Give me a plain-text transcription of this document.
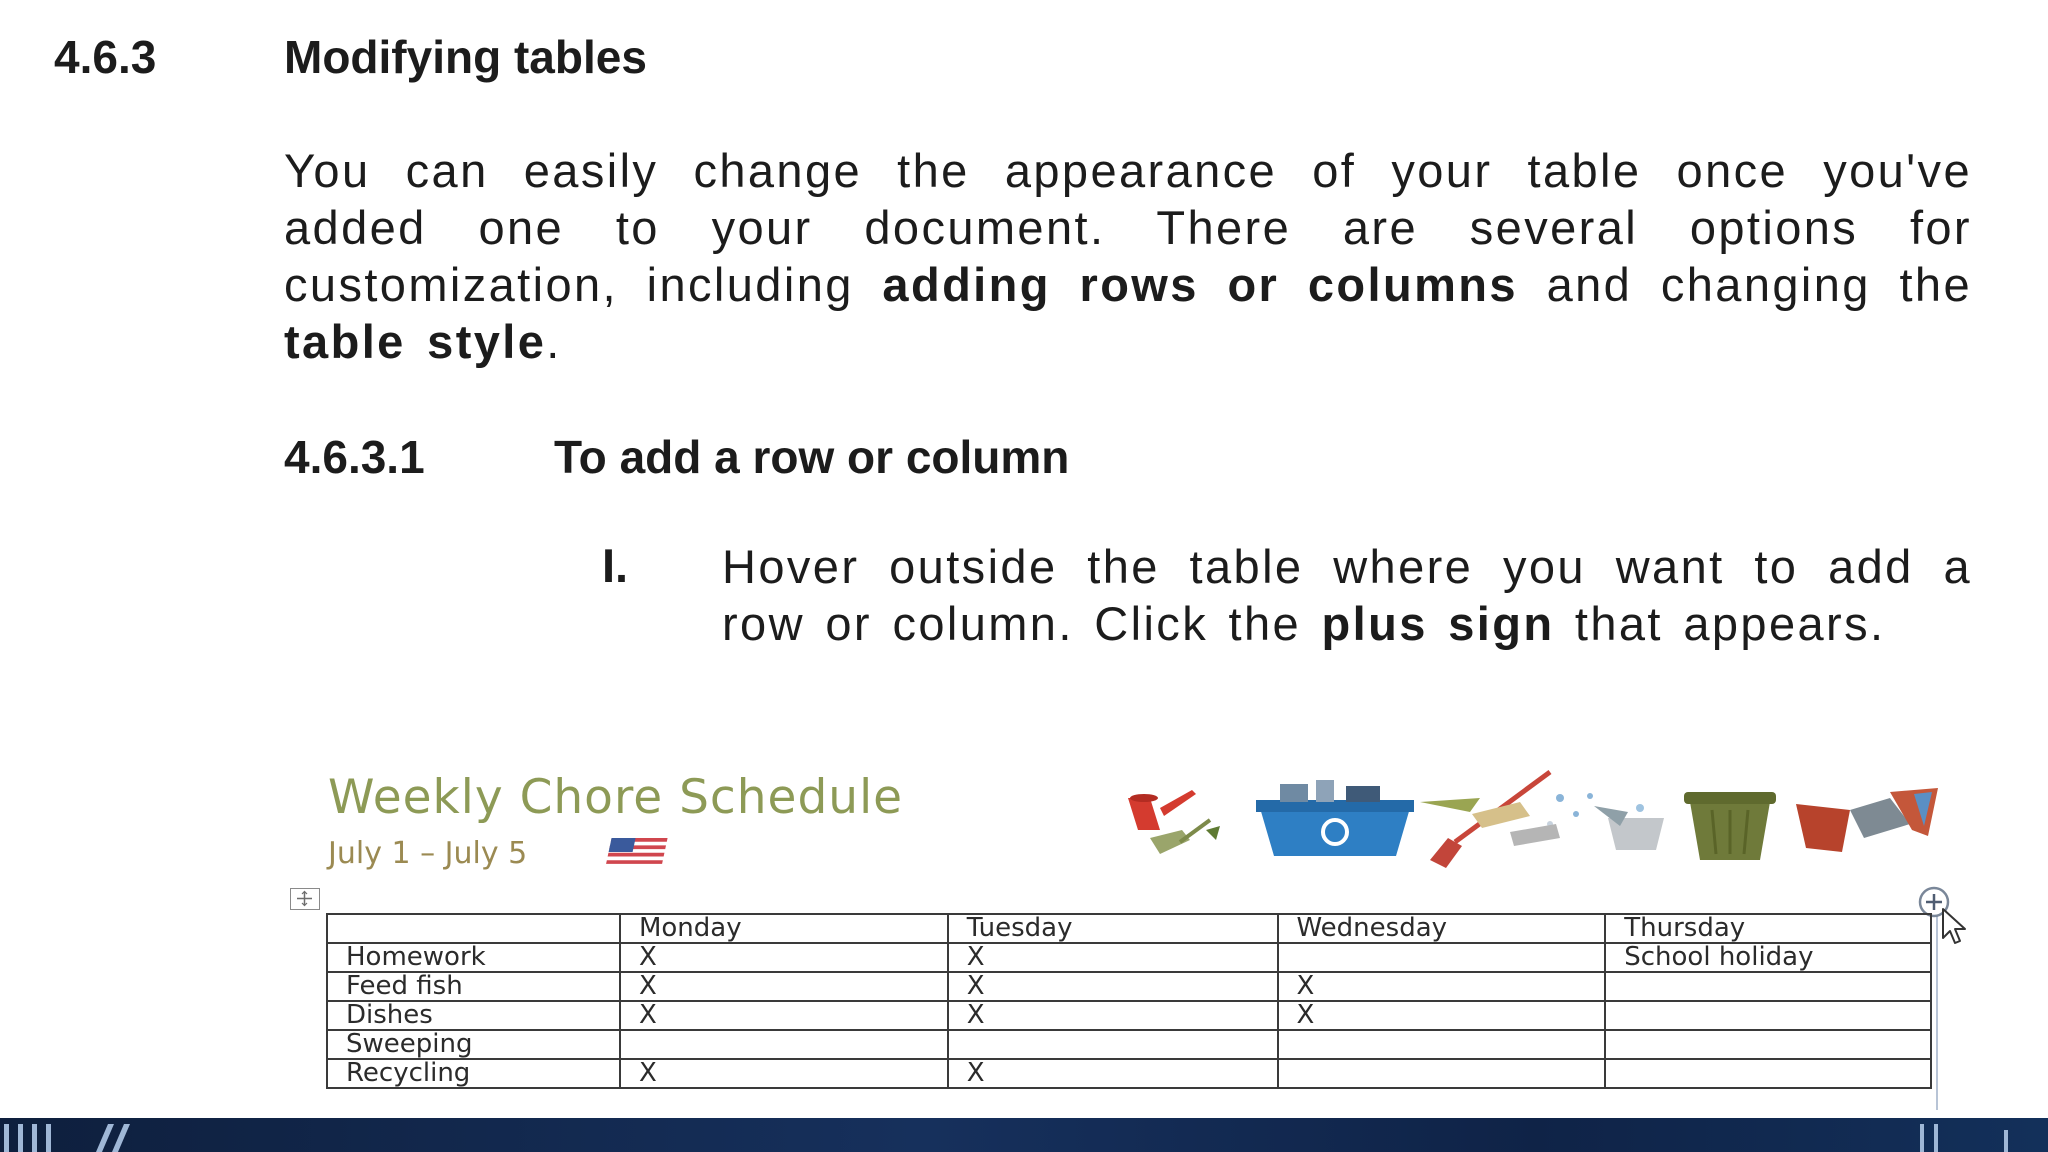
4.6.3	Modifying tables

You can easily change the appearance of your table once you've added one to your document. There are several options for customization, including adding rows or columns and changing the table style.

4.6.3.1	To add a row or column
I. Hover outside the table where you want to add a row or column. Click the plus sign that appears.

Weekly Chore Schedule
July 1 – July 5
	Monday	Tuesday	Wednesday	Thursday
Homework	X	X		School holiday
Feed fish	X	X	X	
Dishes	X	X	X	
Sweeping				
Recycling	X	X		
